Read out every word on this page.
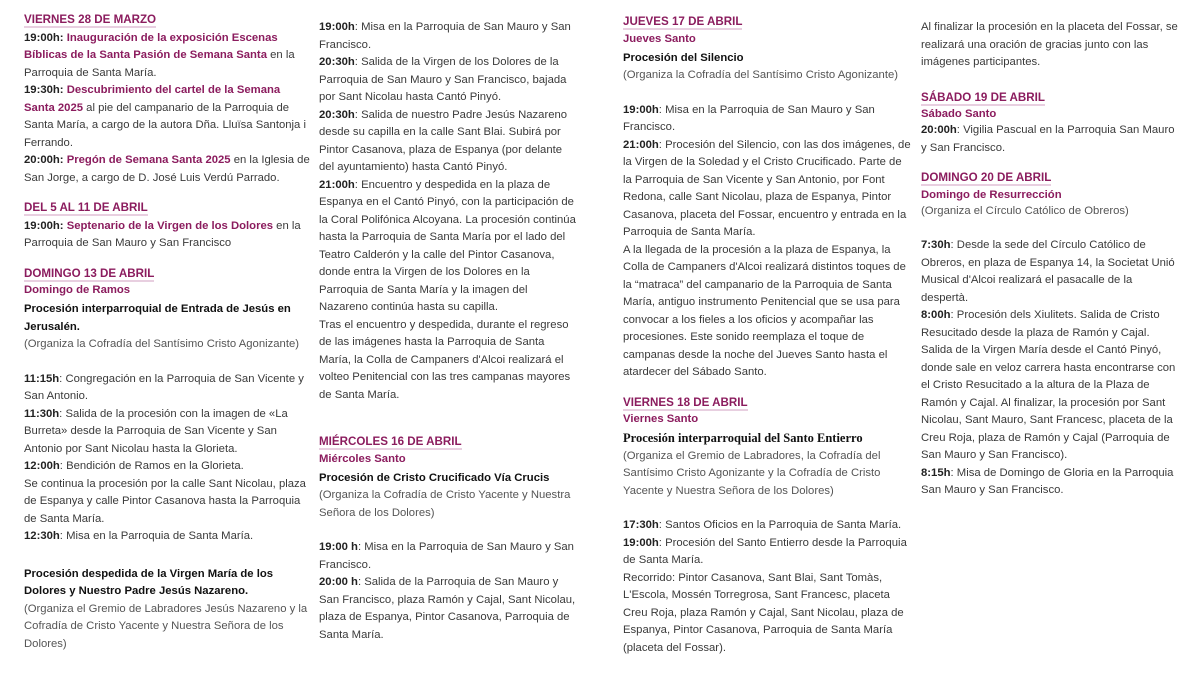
VIERNES 28 DE MARZO
19:00h: Inauguración de la exposición Escenas Bíblicas de la Santa Pasión de Semana Santa en la Parroquia de Santa María.
19:30h: Descubrimiento del cartel de la Semana Santa 2025 al pie del campanario de la Parroquia de Santa María, a cargo de la autora Dña. Lluïsa Santonja i Ferrando.
20:00h: Pregón de Semana Santa 2025 en la Iglesia de San Jorge, a cargo de D. José Luis Verdú Parrado.
DEL 5 AL 11 DE ABRIL
19:00h: Septenario de la Virgen de los Dolores en la Parroquia de San Mauro y San Francisco
DOMINGO 13 DE ABRIL
Domingo de Ramos
Procesión interparroquial de Entrada de Jesús en Jerusalén.
(Organiza la Cofradía del Santísimo Cristo Agonizante)
11:15h: Congregación en la Parroquia de San Vicente y San Antonio.
11:30h: Salida de la procesión con la imagen de «La Burreta» desde la Parroquia de San Vicente y San Antonio por Sant Nicolau hasta la Glorieta.
12:00h: Bendición de Ramos en la Glorieta.
Se continua la procesión por la calle Sant Nicolau, plaza de Espanya y calle Pintor Casanova hasta la Parroquia de Santa María.
12:30h: Misa en la Parroquia de Santa María.
Procesión despedida de la Virgen María de los Dolores y Nuestro Padre Jesús Nazareno.
(Organiza el Gremio de Labradores Jesús Nazareno y la Cofradía de Cristo Yacente y Nuestra Señora de los Dolores)
19:00h: Misa en la Parroquia de San Mauro y San Francisco.
20:30h: Salida de la Virgen de los Dolores de la Parroquia de San Mauro y San Francisco, bajada por Sant Nicolau hasta Cantó Pinyó.
20:30h: Salida de nuestro Padre Jesús Nazareno desde su capilla en la calle Sant Blai. Subirá por Pintor Casanova, plaza de Espanya (por delante del ayuntamiento) hasta Cantó Pinyó.
21:00h: Encuentro y despedida en la plaza de Espanya en el Cantó Pinyó, con la participación de la Coral Polifónica Alcoyana. La procesión continúa hasta la Parroquia de Santa María por el lado del Teatro Calderón y la calle del Pintor Casanova, donde entra la Virgen de los Dolores en la Parroquia de Santa María y la imagen del Nazareno continúa hasta su capilla.
Tras el encuentro y despedida, durante el regreso de las imágenes hasta la Parroquia de Santa María, la Colla de Campaners d'Alcoi realizará el volteo Penitencial con las tres campanas mayores de Santa María.
MIÉRCOLES 16 DE ABRIL
Miércoles Santo
Procesión de Cristo Crucificado Vía Crucis
(Organiza la Cofradía de Cristo Yacente y Nuestra Señora de los Dolores)
19:00 h: Misa en la Parroquia de San Mauro y San Francisco.
20:00 h: Salida de la Parroquia de San Mauro y San Francisco, plaza Ramón y Cajal, Sant Nicolau, plaza de Espanya, Pintor Casanova, Parroquia de Santa María.
JUEVES 17 DE ABRIL
Jueves Santo
Procesión del Silencio
(Organiza la Cofradía del Santísimo Cristo Agonizante)
19:00h: Misa en la Parroquia de San Mauro y San Francisco.
21:00h: Procesión del Silencio, con las dos imágenes, de la Virgen de la Soledad y el Cristo Crucificado. Parte de la Parroquia de San Vicente y San Antonio, por Font Redona, calle Sant Nicolau, plaza de Espanya, Pintor Casanova, placeta del Fossar, encuentro y entrada en la Parroquia de Santa María.
A la llegada de la procesión a la plaza de Espanya, la Colla de Campaners d'Alcoi realizará distintos toques de la “matraca” del campanario de la Parroquia de Santa María, antiguo instrumento Penitencial que se usa para convocar a los fieles a los oficios y acompañar las procesiones. Este sonido reemplaza el toque de campanas desde la noche del Jueves Santo hasta el atardecer del Sábado Santo.
VIERNES 18 DE ABRIL
Viernes Santo
Procesión interparroquial del Santo Entierro
(Organiza el Gremio de Labradores, la Cofradía del Santísimo Cristo Agonizante y la Cofradía de Cristo Yacente y Nuestra Señora de los Dolores)
17:30h: Santos Oficios en la Parroquia de Santa María.
19:00h: Procesión del Santo Entierro desde la Parroquia de Santa María.
Recorrido: Pintor Casanova, Sant Blai, Sant Tomàs, L'Escola, Mossén Torregrosa, Sant Francesc, placeta Creu Roja, plaza Ramón y Cajal, Sant Nicolau, plaza de Espanya, Pintor Casanova, Parroquia de Santa María (placeta del Fossar).
Al finalizar la procesión en la placeta del Fossar, se realizará una oración de gracias junto con las imágenes participantes.
SÁBADO 19 DE ABRIL
Sábado Santo
20:00h: Vigilia Pascual en la Parroquia San Mauro y San Francisco.
DOMINGO 20 DE ABRIL
Domingo de Resurrección
(Organiza el Círculo Católico de Obreros)
7:30h: Desde la sede del Círculo Católico de Obreros, en plaza de Espanya 14, la Societat Unió Musical d'Alcoi realizará el pasacalle de la despertà.
8:00h: Procesión dels Xiulitets. Salida de Cristo Resucitado desde la plaza de Ramón y Cajal.
Salida de la Virgen María desde el Cantó Pinyó, donde sale en veloz carrera hasta encontrarse con el Cristo Resucitado a la altura de la Plaza de Ramón y Cajal. Al finalizar, la procesión por Sant Nicolau, Sant Mauro, Sant Francesc, placeta de la Creu Roja, plaza de Ramón y Cajal (Parroquia de San Mauro y San Francisco).
8:15h: Misa de Domingo de Gloria en la Parroquia San Mauro y San Francisco.
